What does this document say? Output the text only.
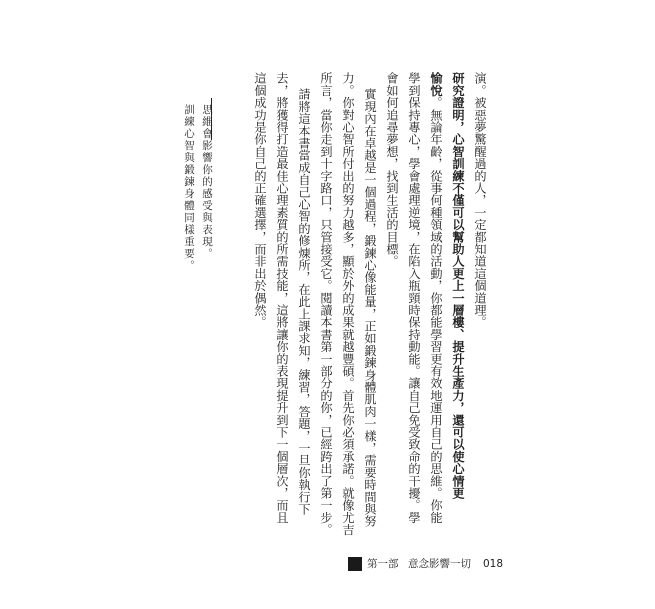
演。被惡夢驚醒過的人，一定都知道這個道理。
研究證明，心智訓練不僅可以幫助人更上一層樓、提升生產力，還可以使心情更
愉悅。無論年齡，從事何種領域的活動，你都能學習更有效地運用自己的思維。你能
學到保持專心，學會處理逆境，在陷入瓶頸時保持動能。讓自己免受致命的干擾。學
會如何追尋夢想，找到生活的目標。
實現內在卓越是一個過程，鍛鍊心像能量，正如鍛鍊身體肌肉一樣，需要時間與努
力。你對心智所付出的努力越多，顯於外的成果就越豐碩。首先你必須承諾。就像尤吉
所言，當你走到十字路口，只管接受它。閱讀本書第一部分的你，已經跨出了第一步。
請將這本書當成自己心智的修煉所，在此上課求知，練習，答題，一旦你執行下
去，將獲得打造最佳心理素質的所需技能，這將讓你的表現提升到下一個層次，而且
這個成功是你自己的正確選擇，而非出於偶然。
思維會影響你的感受與表現。
訓練心智與鍛鍊身體同樣重要。
第一部 意念影響一切 018
